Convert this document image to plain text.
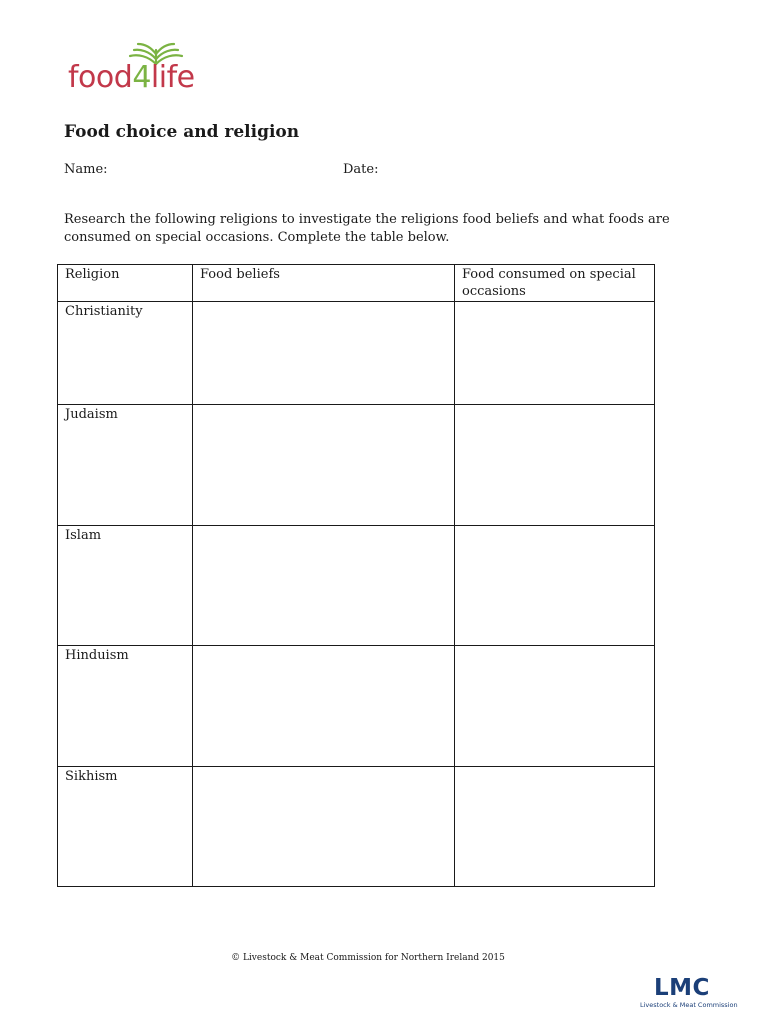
food4life
Food choice and religion
Name:	Date:

Research the following religions to investigate the religions food beliefs and what foods are consumed on special occasions. Complete the table below.

Religion	Food beliefs	Food consumed on special occasions
Christianity		
Judaism		
Islam		
Hinduism		
Sikhism		
© Livestock & Meat Commission for Northern Ireland 2015
LMC
Livestock & Meat Commission
